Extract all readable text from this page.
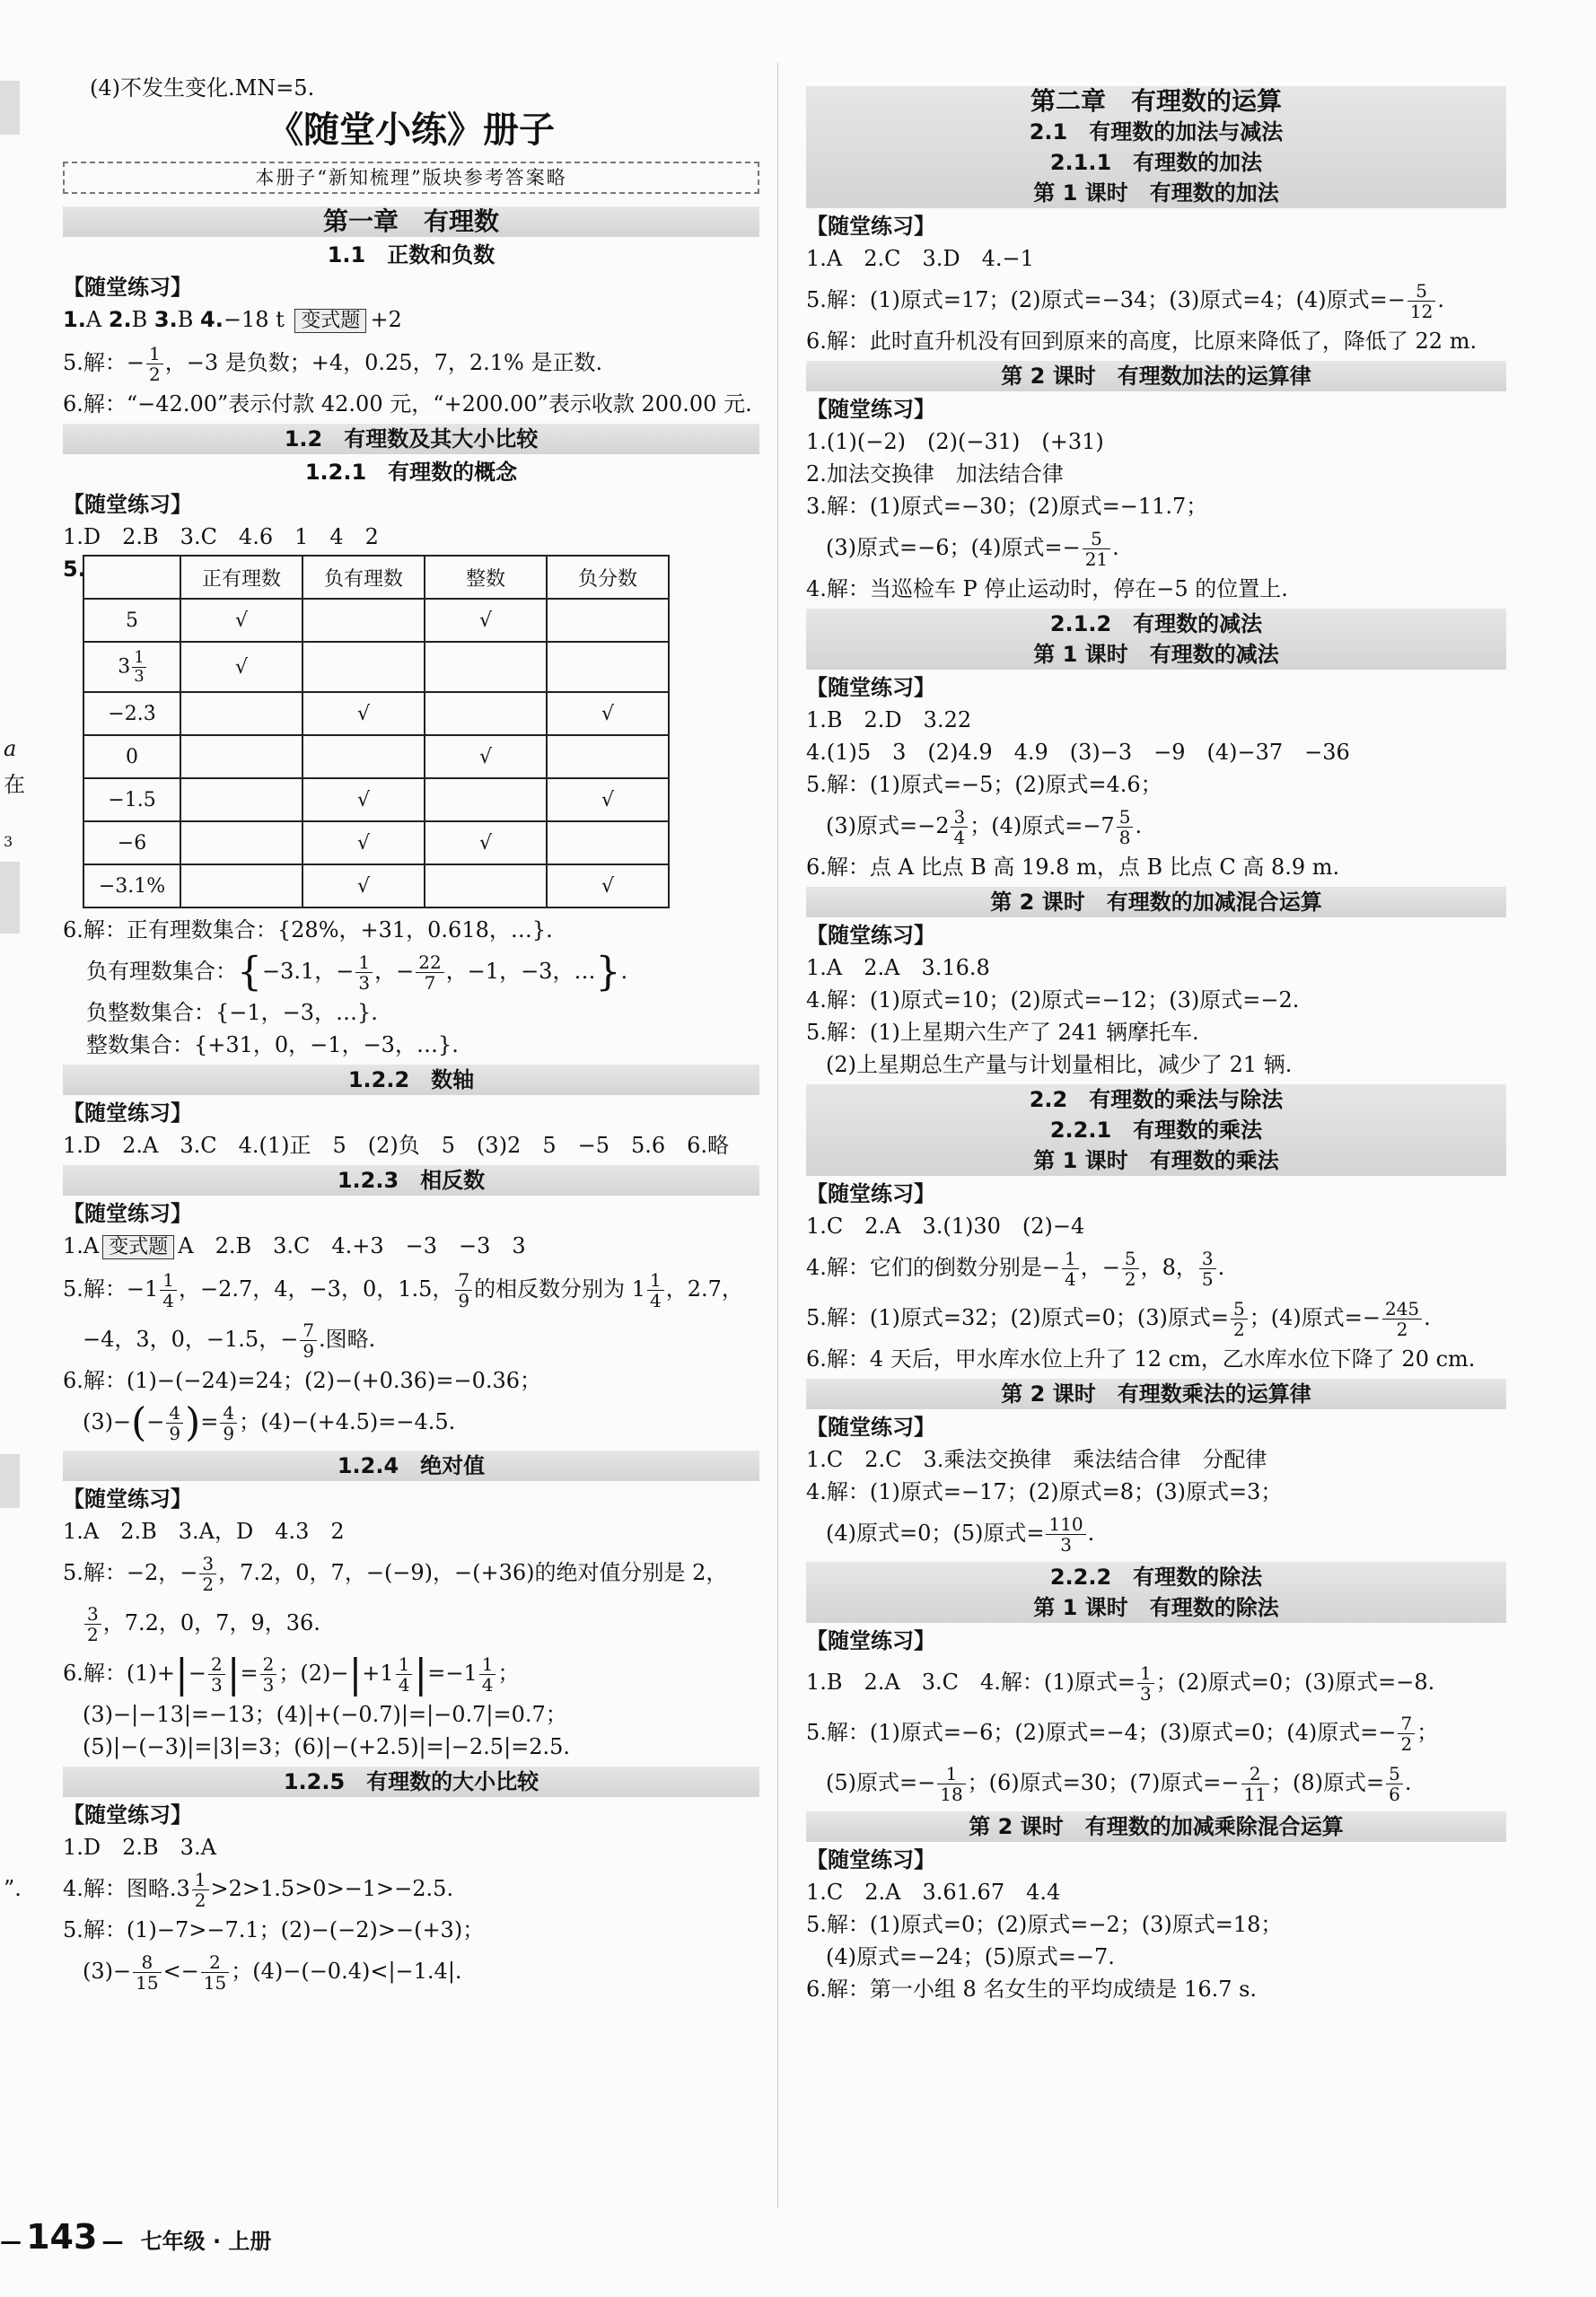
a
在
3
”.
(4)不发生变化.MN=5.
《随堂小练》册子
本册子“新知梳理”版块参考答案略
第一章　有理数
1.1　正数和负数
【随堂练习】
1.A 2.B 3.B 4.−18 t 变式题 +2
5.解：− $\frac{1}{2}$ ，−3 是负数；+4，0.25，7，2.1% 是正数.
6.解：“−42.00”表示付款 42.00 元，“+200.00”表示收款 200.00 元.
1.2　有理数及其大小比较
1.2.1　有理数的概念
【随堂练习】
1.D　2.B　3.C　4.6　1　4　2
5.
		正有理数	负有理数	整数	负分数
5	√		√	
$3 \frac{1}{3}$	√			
−2.3̇		√		√
0			√	
−1.5		√		√
−6		√	√	
−3.1%		√		√
6.解：正有理数集合：{28%，+31，0.618，…}.
负有理数集合：{−3.1，− $\frac{1}{3}$ ，− $\frac{22}{7}$ ，−1，−3，…}.
负整数集合：{−1，−3，…}.
整数集合：{+31，0，−1，−3，…}.
1.2.2　数轴
【随堂练习】
1.D　2.A　3.C　4.(1)正　5　(2)负　5　(3)2　5　−5　5.6　6.略
1.2.3　相反数
【随堂练习】
1.A 变式题 A　2.B　3.C　4.+3　−3　−3　3
5.解：$-1 \frac{1}{4}$ ，−2.7，4，−3，0，1.5， $\frac{7}{9}$ 的相反数分别为 $1 \frac{1}{4}$ ，2.7，
−4，3，0，−1.5，− $\frac{7}{9}$ .图略.
6.解：(1)−(−24)=24；(2)−(+0.36)=−0.36；
$(3)-(- \frac{4}{9}$ )= $\frac{4}{9}$ ；(4)−(+4.5)=−4.5.
1.2.4　绝对值
【随堂练习】
1.A　2.B　3.A，D　4.3　2
5.解：−2，− $\frac{3}{2}$ ，7.2，0，7，−(−9)，−(+36)的绝对值分别是 2，
$\frac{3}{2}$ ，7.2，0，7，9，36.
6.解：$(1)+|- \frac{2}{3}$ |= $\frac{2}{3}$ ；$(2)-|+1 \frac{1}{4} |=-1 \frac{1}{4}$ ；
(3)−|−13|=−13；(4)|+(−0.7)|=|−0.7|=0.7；
(5)|−(−3)|=|3|=3；(6)|−(+2.5)|=|−2.5|=2.5.
1.2.5　有理数的大小比较
【随堂练习】
1.D　2.B　3.A
4.解：图略$.3 \frac{1}{2} >2>1.5>0>-1>-2.5$.
5.解：(1)−7>−7.1；(2)−(−2)>−(+3)；
$(3)- \frac{8}{15} <- \frac{2}{15}$ ；(4)−(−0.4)<|−1.4|.
第二章　有理数的运算
2.1　有理数的加法与减法
2.1.1　有理数的加法
第 1 课时　有理数的加法
【随堂练习】
1.A　2.C　3.D　4.−1
5.解：(1)原式=17；(2)原式=−34；(3)原式=4；(4)原式=− $\frac{5}{12}$ .
6.解：此时直升机没有回到原来的高度，比原来降低了，降低了 22 m.
第 2 课时　有理数加法的运算律
【随堂练习】
1.(1)(−2)　(2)(−31)　(+31)
2.加法交换律　加法结合律
3.解：(1)原式=−30；(2)原式=−11.7；
(3)原式=−6；(4)原式=− $\frac{5}{21}$ .
4.解：当巡检车 P 停止运动时，停在−5 的位置上.
2.1.2　有理数的减法
第 1 课时　有理数的减法
【随堂练习】
1.B　2.D　3.22
4.(1)5　3　(2)4.9　4.9　(3)−3　−9　(4)−37　−36
5.解：(1)原式=−5；(2)原式=4.6；
(3)原式$=-2 \frac{3}{4}$ ；(4)原式$=-7 \frac{5}{8}$ .
6.解：点 A 比点 B 高 19.8 m，点 B 比点 C 高 8.9 m.
第 2 课时　有理数的加减混合运算
【随堂练习】
1.A　2.A　3.16.8
4.解：(1)原式=10；(2)原式=−12；(3)原式=−2.
5.解：(1)上星期六生产了 241 辆摩托车.
(2)上星期总生产量与计划量相比，减少了 21 辆.
2.2　有理数的乘法与除法
2.2.1　有理数的乘法
第 1 课时　有理数的乘法
【随堂练习】
1.C　2.A　3.(1)30　(2)−4
4.解：它们的倒数分别是− $\frac{1}{4}$ ，− $\frac{5}{2}$ ，8， $\frac{3}{5}$ .
5.解：(1)原式=32；(2)原式=0；(3)原式= $\frac{5}{2}$ ；(4)原式=− $\frac{245}{2}$ .
6.解：4 天后，甲水库水位上升了 12 cm，乙水库水位下降了 20 cm.
第 2 课时　有理数乘法的运算律
【随堂练习】
1.C　2.C　3.乘法交换律　乘法结合律　分配律
4.解：(1)原式=−17；(2)原式=8；(3)原式=3；
(4)原式=0；(5)原式= $\frac{110}{3}$ .
2.2.2　有理数的除法
第 1 课时　有理数的除法
【随堂练习】
1.B　2.A　3.C　4.解：(1)原式= $\frac{1}{3}$ ；(2)原式=0；(3)原式=−8.
5.解：(1)原式=−6；(2)原式=−4；(3)原式=0；(4)原式=− $\frac{7}{2}$ ；
(5)原式=− $\frac{1}{18}$ ；(6)原式=30；(7)原式=− $\frac{2}{11}$ ；(8)原式= $\frac{5}{6}$ .
第 2 课时　有理数的加减乘除混合运算
【随堂练习】
1.C　2.A　3.61.67　4.4
5.解：(1)原式=0；(2)原式=−2；(3)原式=18；
(4)原式=−24；(5)原式=−7.
6.解：第一小组 8 名女生的平均成绩是 16.7 s.
— 143 — 七年级 · 上册
